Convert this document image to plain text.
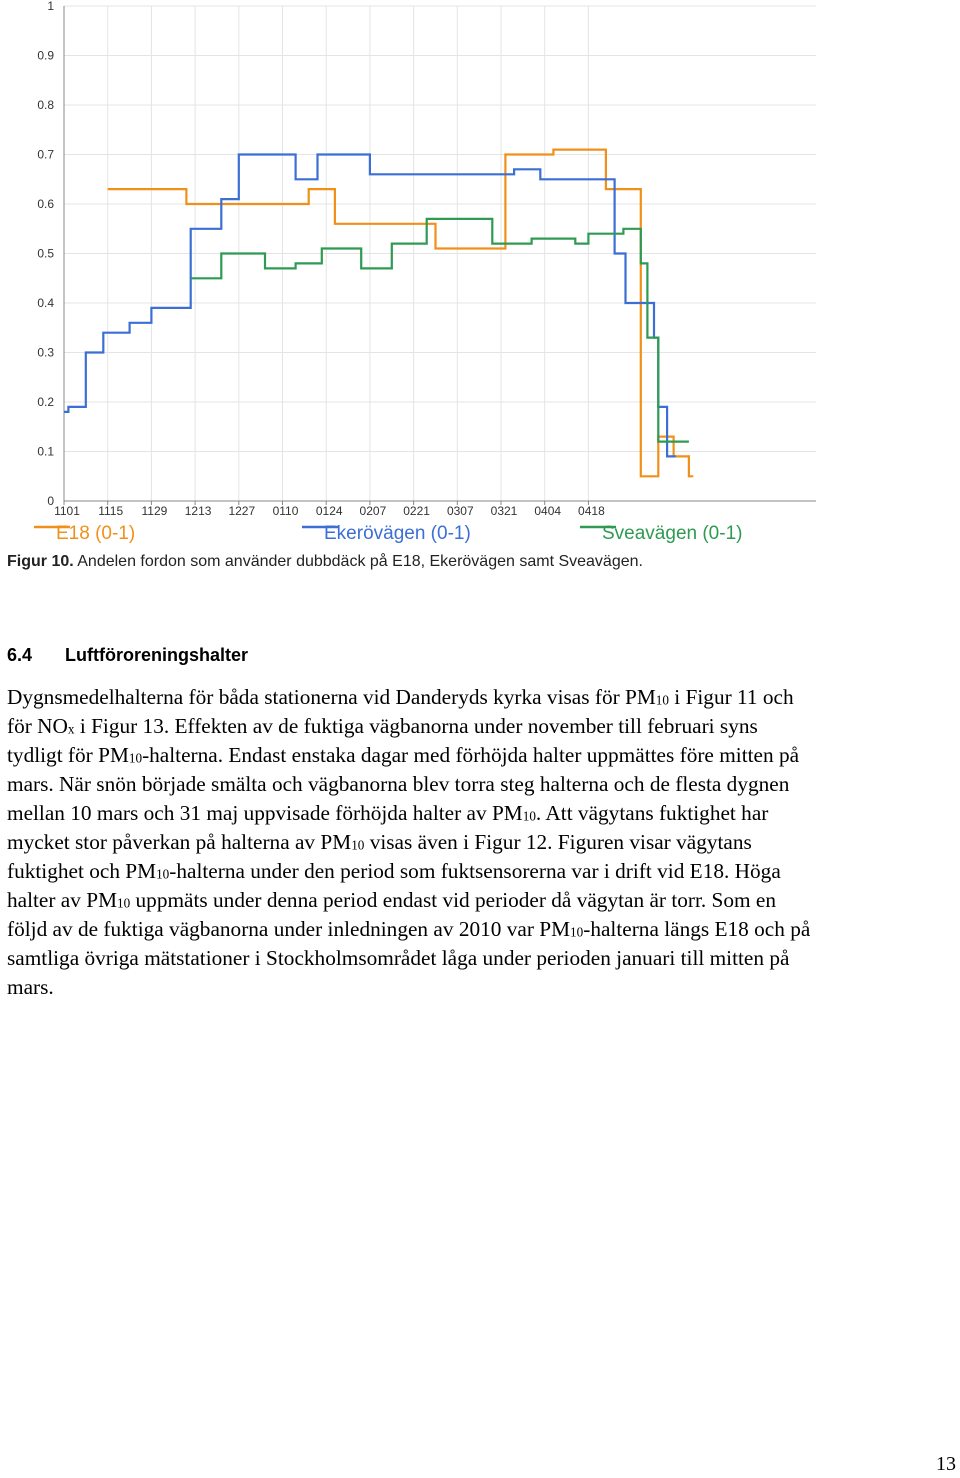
0
0.1
0.2
0.3
0.4
0.5
0.6
0.7
0.8
0.9
1
1101 1115 1129 1213 1227 0110 0124 0207 0221 0307 0321 0404 0418
E18 (0-1)	Ekerövägen (0-1)	Sveavägen (0-1)
Figur 10. Andelen fordon som använder dubbdäck på E18, Ekerövägen samt Sveavägen.
6.4 Luftföroreningshalter

Dygnsmedelhalterna för båda stationerna vid Danderyds kyrka visas för $PM_{10}$ i Figur 11 och

för $NO_x$ i Figur 13. Effekten av de fuktiga vägbanorna under november till februari syns

tydligt för $PM_{10}$-halterna. Endast enstaka dagar med förhöjda halter uppmättes före mitten på

mars. När snön började smälta och vägbanorna blev torra steg halterna och de flesta dygnen

mellan 10 mars och 31 maj uppvisade förhöjda halter av $PM_{10}$. Att vägytans fuktighet har

mycket stor påverkan på halterna av $PM_{10}$ visas även i Figur 12. Figuren visar vägytans

fuktighet och $PM_{10}$-halterna under den period som fuktsensorerna var i drift vid E18. Höga

halter av $PM_{10}$ uppmäts under denna period endast vid perioder då vägytan är torr. Som en

följd av de fuktiga vägbanorna under inledningen av 2010 var $PM_{10}$-halterna längs E18 och på

samtliga övriga mätstationer i Stockholmsområdet låga under perioden januari till mitten på

mars.

13
